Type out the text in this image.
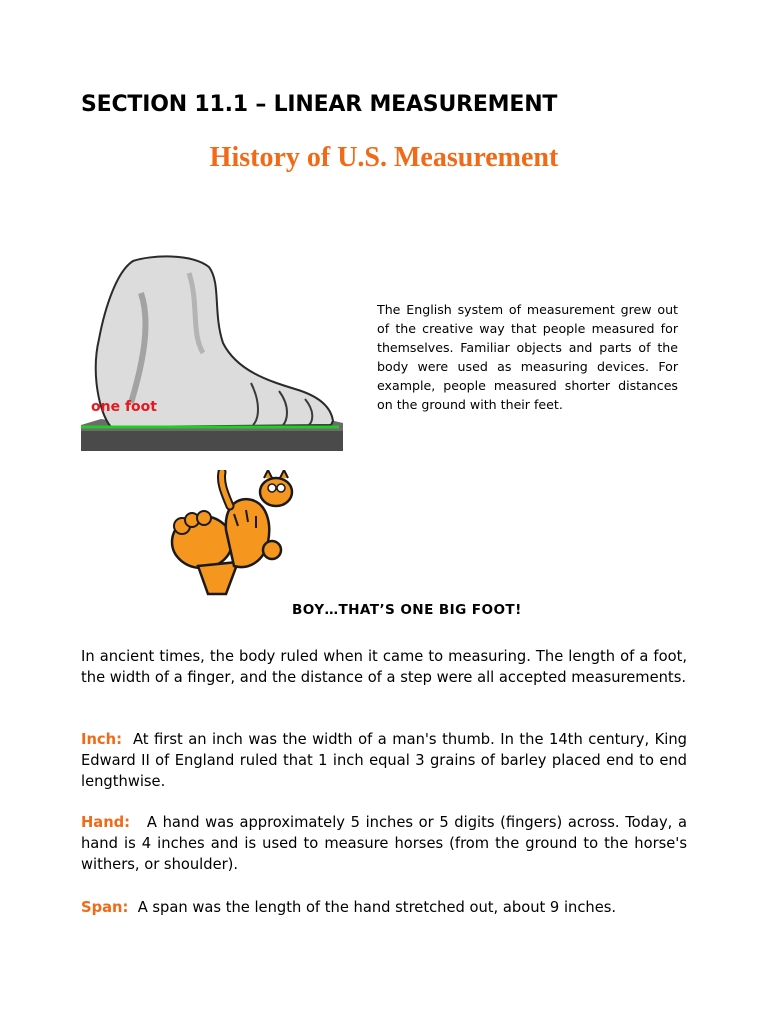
SECTION 11.1 – LINEAR MEASUREMENT
History of U.S. Measurement
one foot

The English system of measurement grew out of the creative way that people measured for themselves. Familiar objects and parts of the body were used as measuring devices. For example, people measured shorter distances on the ground with their feet.

BOY…THAT’S ONE BIG FOOT!

In ancient times, the body ruled when it came to measuring. The length of a foot, the width of a finger, and the distance of a step were all accepted measurements.

Inch: At first an inch was the width of a man's thumb. In the 14th century, King Edward II of England ruled that 1 inch equal 3 grains of barley placed end to end lengthwise.

Hand: A hand was approximately 5 inches or 5 digits (fingers) across. Today, a hand is 4 inches and is used to measure horses (from the ground to the horse's withers, or shoulder).

Span: A span was the length of the hand stretched out, about 9 inches.
